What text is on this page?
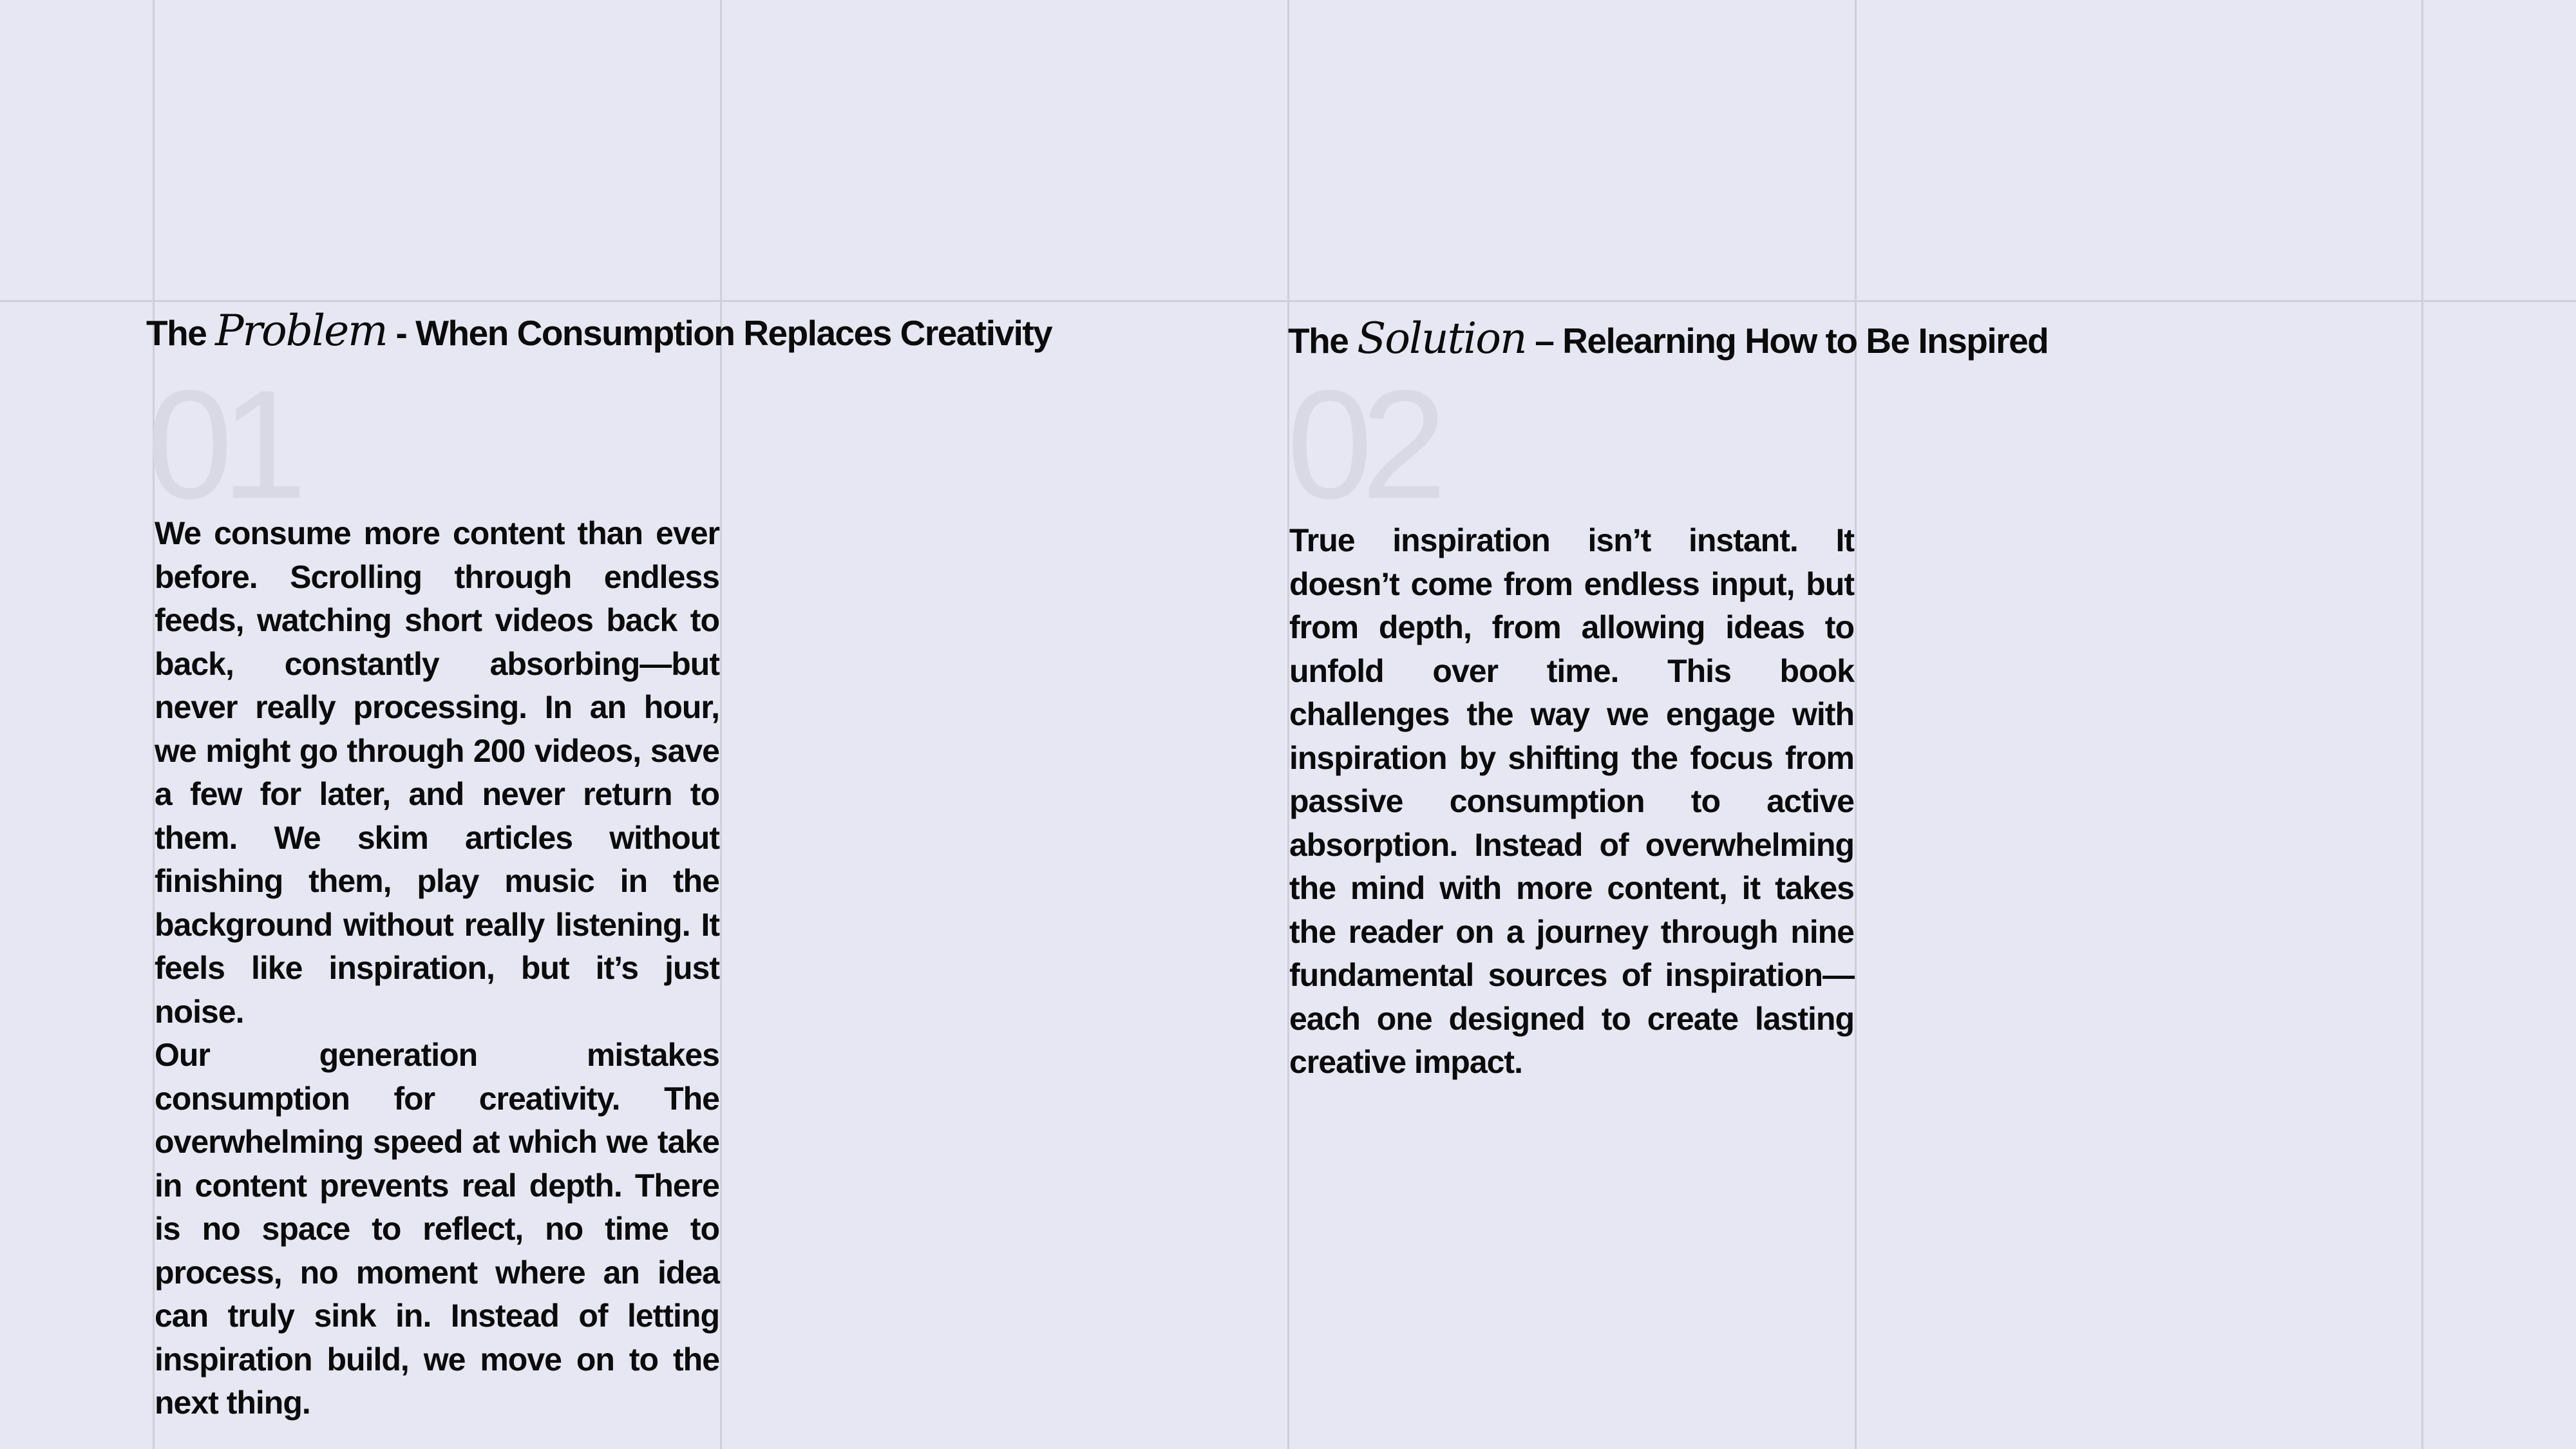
The Problem - When Consumption Replaces Creativity
01

We consume more content than ever before. Scrolling through endless feeds, watching short videos back to back, constantly absorbing—but never really processing. In an hour, we might go through 200 videos, save a few for later, and never return to them. We skim articles without finishing them, play music in the background without really listening. It feels like inspiration, but it’s just noise.

Our generation mistakes consumption for creativity. The overwhelming speed at which we take in content prevents real depth. There is no space to reflect, no time to process, no moment where an idea can truly sink in. Instead of letting inspiration build, we move on to the next thing.

The Solution – Relearning How to Be Inspired
02

True inspiration isn’t instant. It doesn’t come from endless input, but from depth, from allowing ideas to unfold over time. This book challenges the way we engage with inspiration by shifting the focus from passive consumption to active absorption. Instead of overwhelming the mind with more content, it takes the reader on a journey through nine fundamental sources of inspiration—each one designed to create lasting creative impact.
